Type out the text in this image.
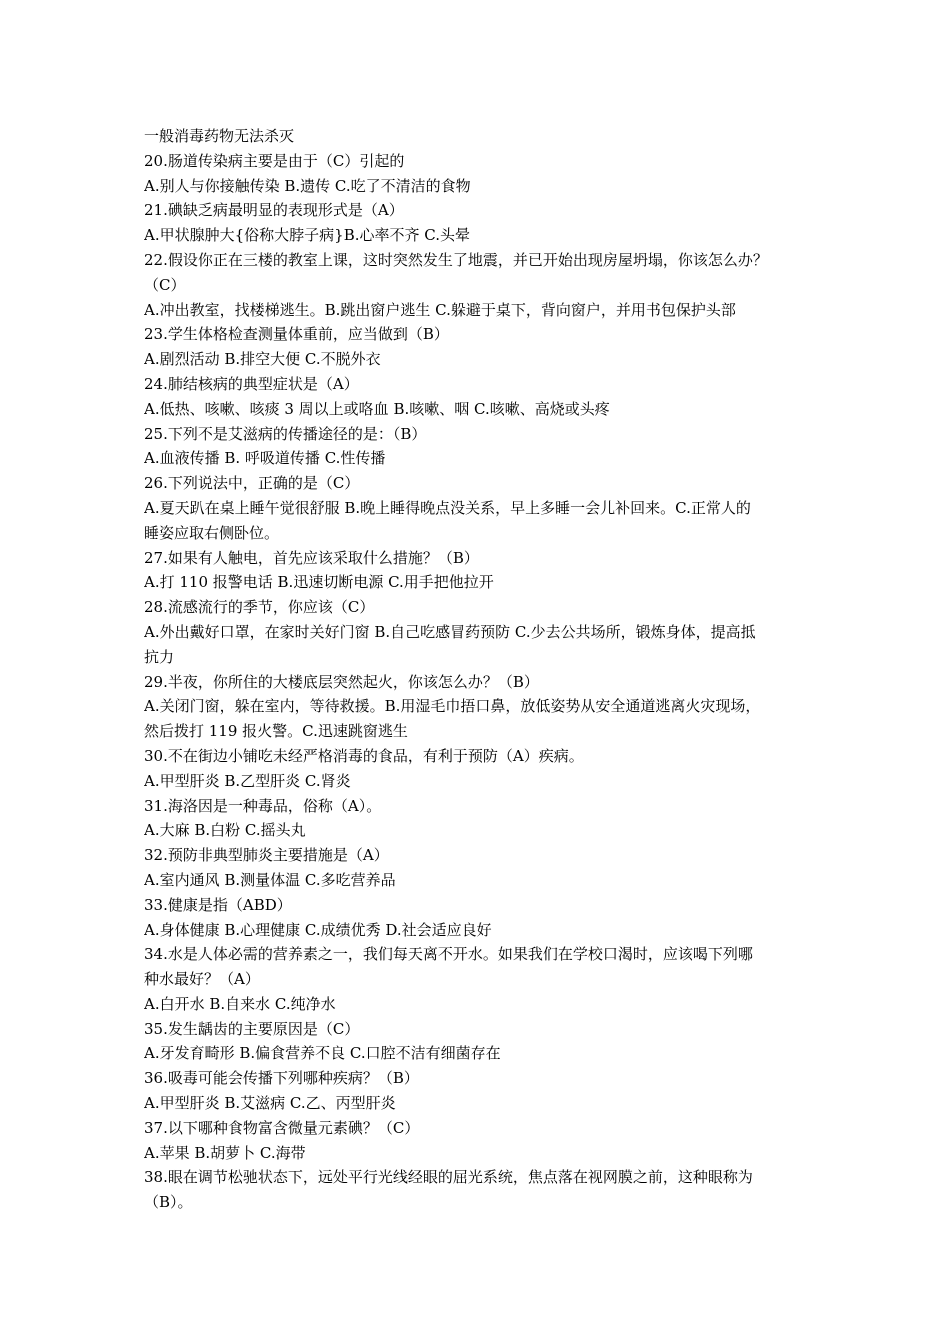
一般消毒药物无法杀灭
20.肠道传染病主要是由于（C）引起的
A.别人与你接触传染 B.遗传 C.吃了不清洁的食物
21.碘缺乏病最明显的表现形式是（A）
A.甲状腺肿大{俗称大脖子病}B.心率不齐 C.头晕
22.假设你正在三楼的教室上课，这时突然发生了地震，并已开始出现房屋坍塌，你该怎么办？
（C）
A.冲出教室，找楼梯逃生。B.跳出窗户逃生 C.躲避于桌下，背向窗户，并用书包保护头部
23.学生体格检查测量体重前，应当做到（B）
A.剧烈活动 B.排空大便 C.不脱外衣
24.肺结核病的典型症状是（A）
A.低热、咳嗽、咳痰 3 周以上或咯血 B.咳嗽、咽 C.咳嗽、高烧或头疼
25.下列不是艾滋病的传播途径的是：（B）
A.血液传播 B. 呼吸道传播 C.性传播
26.下列说法中，正确的是（C）
A.夏天趴在桌上睡午觉很舒服 B.晚上睡得晚点没关系，早上多睡一会儿补回来。C.正常人的
睡姿应取右侧卧位。
27.如果有人触电，首先应该采取什么措施？（B）
A.打 110 报警电话 B.迅速切断电源 C.用手把他拉开
28.流感流行的季节，你应该（C）
A.外出戴好口罩，在家时关好门窗 B.自己吃感冒药预防 C.少去公共场所，锻炼身体，提高抵
抗力
29.半夜，你所住的大楼底层突然起火，你该怎么办？（B）
A.关闭门窗，躲在室内，等待救援。B.用湿毛巾捂口鼻，放低姿势从安全通道逃离火灾现场，
然后拨打 119 报火警。C.迅速跳窗逃生
30.不在街边小铺吃未经严格消毒的食品，有利于预防（A）疾病。
A.甲型肝炎 B.乙型肝炎 C.肾炎
31.海洛因是一种毒品，俗称（A）。
A.大麻 B.白粉 C.摇头丸
32.预防非典型肺炎主要措施是（A）
A.室内通风 B.测量体温 C.多吃营养品
33.健康是指（ABD）
A.身体健康 B.心理健康 C.成绩优秀 D.社会适应良好
34.水是人体必需的营养素之一，我们每天离不开水。如果我们在学校口渴时，应该喝下列哪
种水最好？（A）
A.白开水 B.自来水 C.纯净水
35.发生龋齿的主要原因是（C）
A.牙发育畸形 B.偏食营养不良 C.口腔不洁有细菌存在
36.吸毒可能会传播下列哪种疾病？（B）
A.甲型肝炎 B.艾滋病 C.乙、丙型肝炎
37.以下哪种食物富含微量元素碘？（C）
A.苹果 B.胡萝卜 C.海带
38.眼在调节松驰状态下，远处平行光线经眼的屈光系统，焦点落在视网膜之前，这种眼称为
（B）。
